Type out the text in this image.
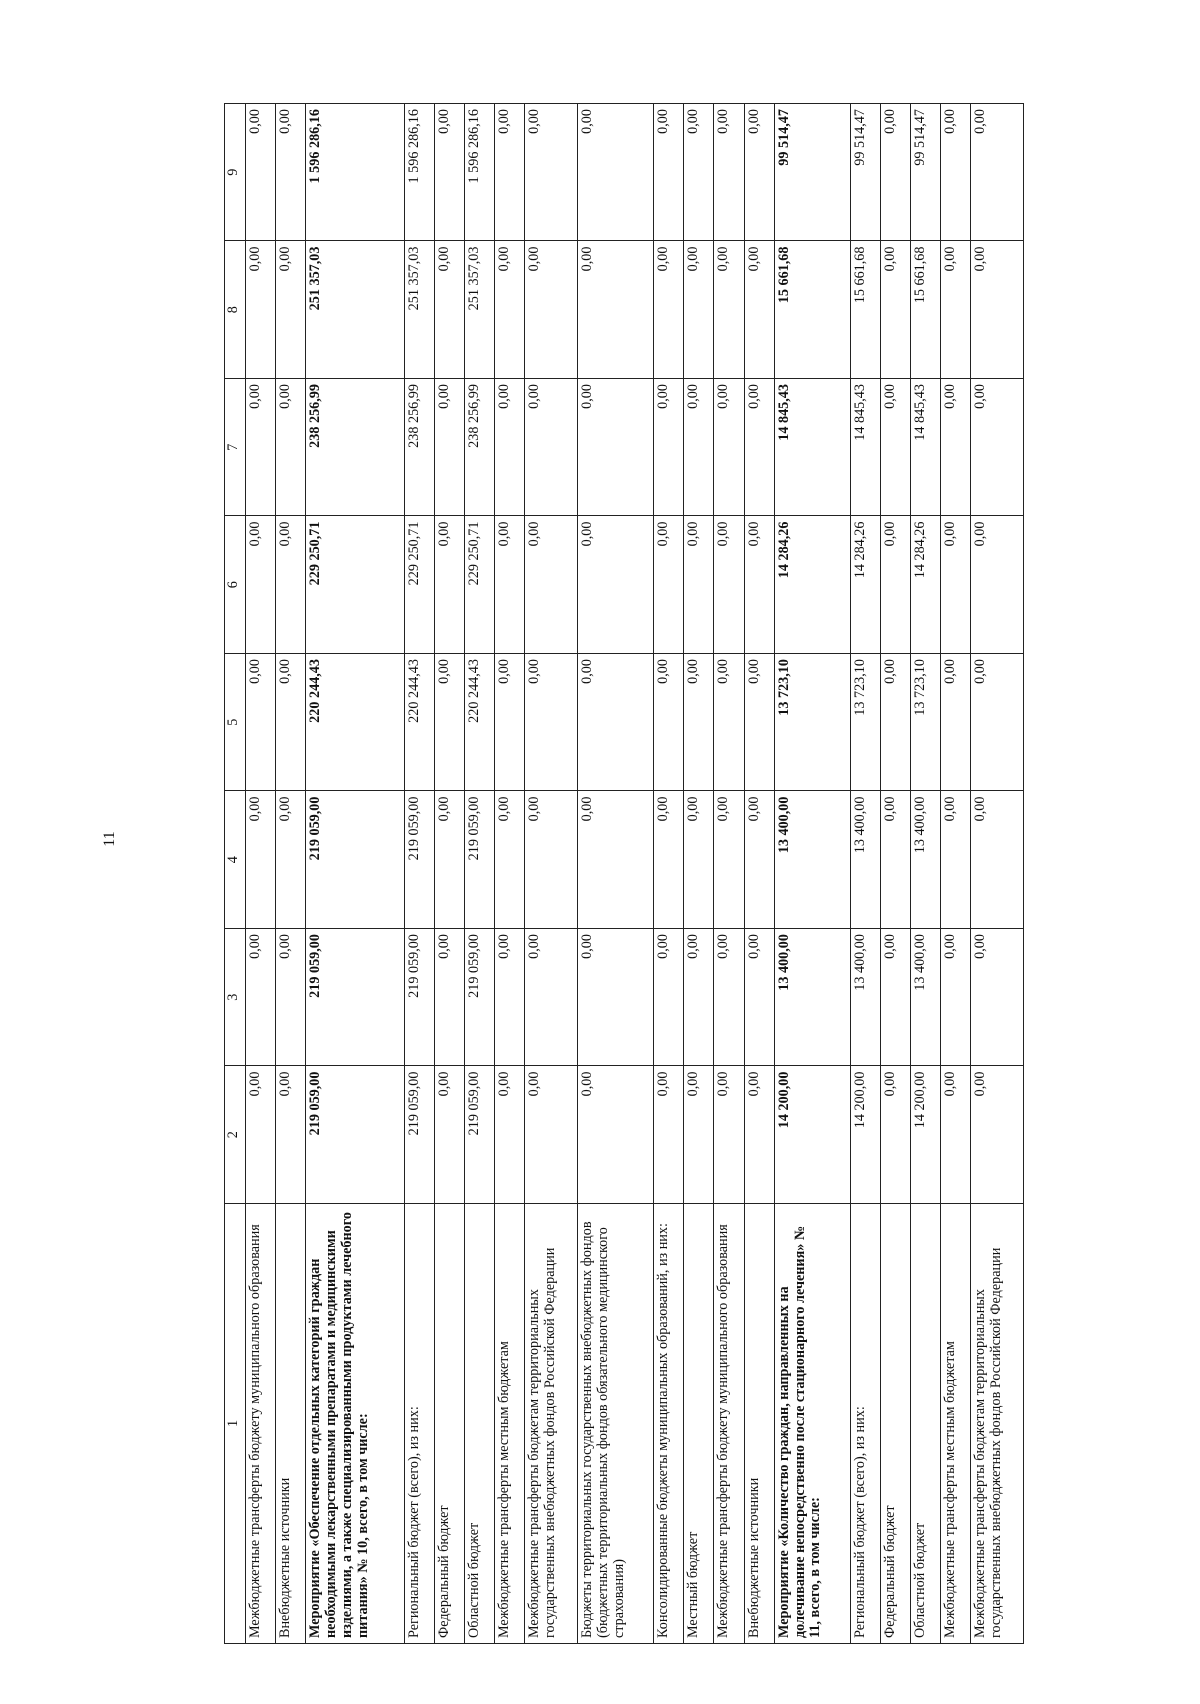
11
1	2	3	4	5	6	7	8	9
Межбюджетные трансферты бюджету муниципального образования	0,00	0,00	0,00	0,00	0,00	0,00	0,00	0,00
Внебюджетные источники	0,00	0,00	0,00	0,00	0,00	0,00	0,00	0,00
Мероприятие «Обеспечение отдельных категорий граждан необходимыми лекарственными препаратами и медицинскими изделиями, а также специализированными продуктами лечебного питания» № 10, всего, в том числе:	219 059,00	219 059,00	219 059,00	220 244,43	229 250,71	238 256,99	251 357,03	1 596 286,16
Региональный бюджет (всего), из них:	219 059,00	219 059,00	219 059,00	220 244,43	229 250,71	238 256,99	251 357,03	1 596 286,16
Федеральный бюджет	0,00	0,00	0,00	0,00	0,00	0,00	0,00	0,00
Областной бюджет	219 059,00	219 059,00	219 059,00	220 244,43	229 250,71	238 256,99	251 357,03	1 596 286,16
Межбюджетные трансферты местным бюджетам	0,00	0,00	0,00	0,00	0,00	0,00	0,00	0,00
Межбюджетные трансферты бюджетам территориальных государственных внебюджетных фондов Российской Федерации	0,00	0,00	0,00	0,00	0,00	0,00	0,00	0,00
Бюджеты территориальных государственных внебюджетных фондов (бюджетных территориальных фондов обязательного медицинского страхования)	0,00	0,00	0,00	0,00	0,00	0,00	0,00	0,00
Консолидированные бюджеты муниципальных образований, из них:	0,00	0,00	0,00	0,00	0,00	0,00	0,00	0,00
Местный бюджет	0,00	0,00	0,00	0,00	0,00	0,00	0,00	0,00
Межбюджетные трансферты бюджету муниципального образования	0,00	0,00	0,00	0,00	0,00	0,00	0,00	0,00
Внебюджетные источники	0,00	0,00	0,00	0,00	0,00	0,00	0,00	0,00
Мероприятие «Количество граждан, направленных на долечивание непосредственно после стационарного лечения» № 11, всего, в том числе:	14 200,00	13 400,00	13 400,00	13 723,10	14 284,26	14 845,43	15 661,68	99 514,47
Региональный бюджет (всего), из них:	14 200,00	13 400,00	13 400,00	13 723,10	14 284,26	14 845,43	15 661,68	99 514,47
Федеральный бюджет	0,00	0,00	0,00	0,00	0,00	0,00	0,00	0,00
Областной бюджет	14 200,00	13 400,00	13 400,00	13 723,10	14 284,26	14 845,43	15 661,68	99 514,47
Межбюджетные трансферты местным бюджетам	0,00	0,00	0,00	0,00	0,00	0,00	0,00	0,00
Межбюджетные трансферты бюджетам территориальных государственных внебюджетных фондов Российской Федерации	0,00	0,00	0,00	0,00	0,00	0,00	0,00	0,00
